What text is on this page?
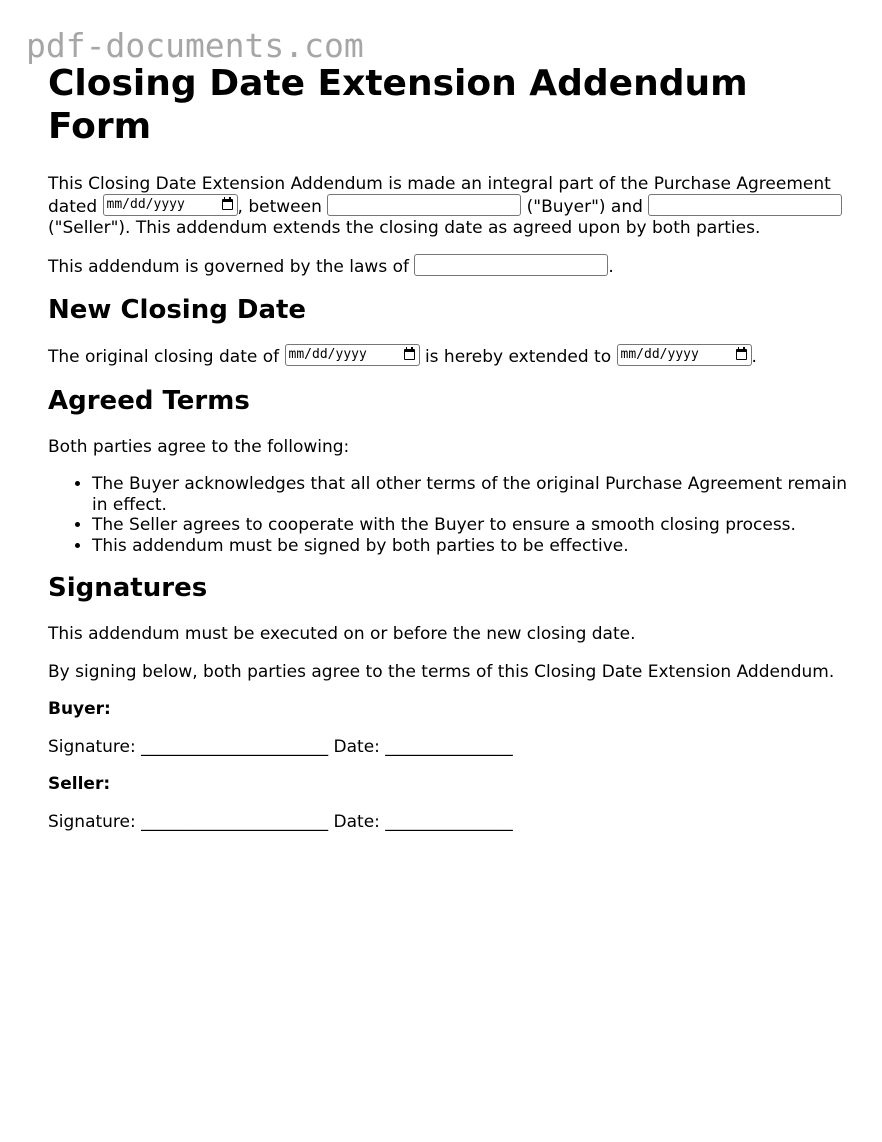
pdf-documents.com
Closing Date Extension Addendum Form

This Closing Date Extension Addendum is made an integral part of the Purchase Agreement dated mm/dd/yyyy	, between	("Buyer") and  ("Seller"). This addendum extends the closing date as agreed upon by both parties.

This addendum is governed by the laws of	.

New Closing Date

The original closing date of mm/dd/yyyy	is hereby extended to mm/dd/yyyy	.

Agreed Terms

Both parties agree to the following:

• The Buyer acknowledges that all other terms of the original Purchase Agreement remain in effect.
• The Seller agrees to cooperate with the Buyer to ensure a smooth closing process.
• This addendum must be signed by both parties to be effective.
Signatures

This addendum must be executed on or before the new closing date.

By signing below, both parties agree to the terms of this Closing Date Extension Addendum.

Buyer:

Signature: ______________________ Date: _______________

Seller:

Signature: ______________________ Date: _______________
